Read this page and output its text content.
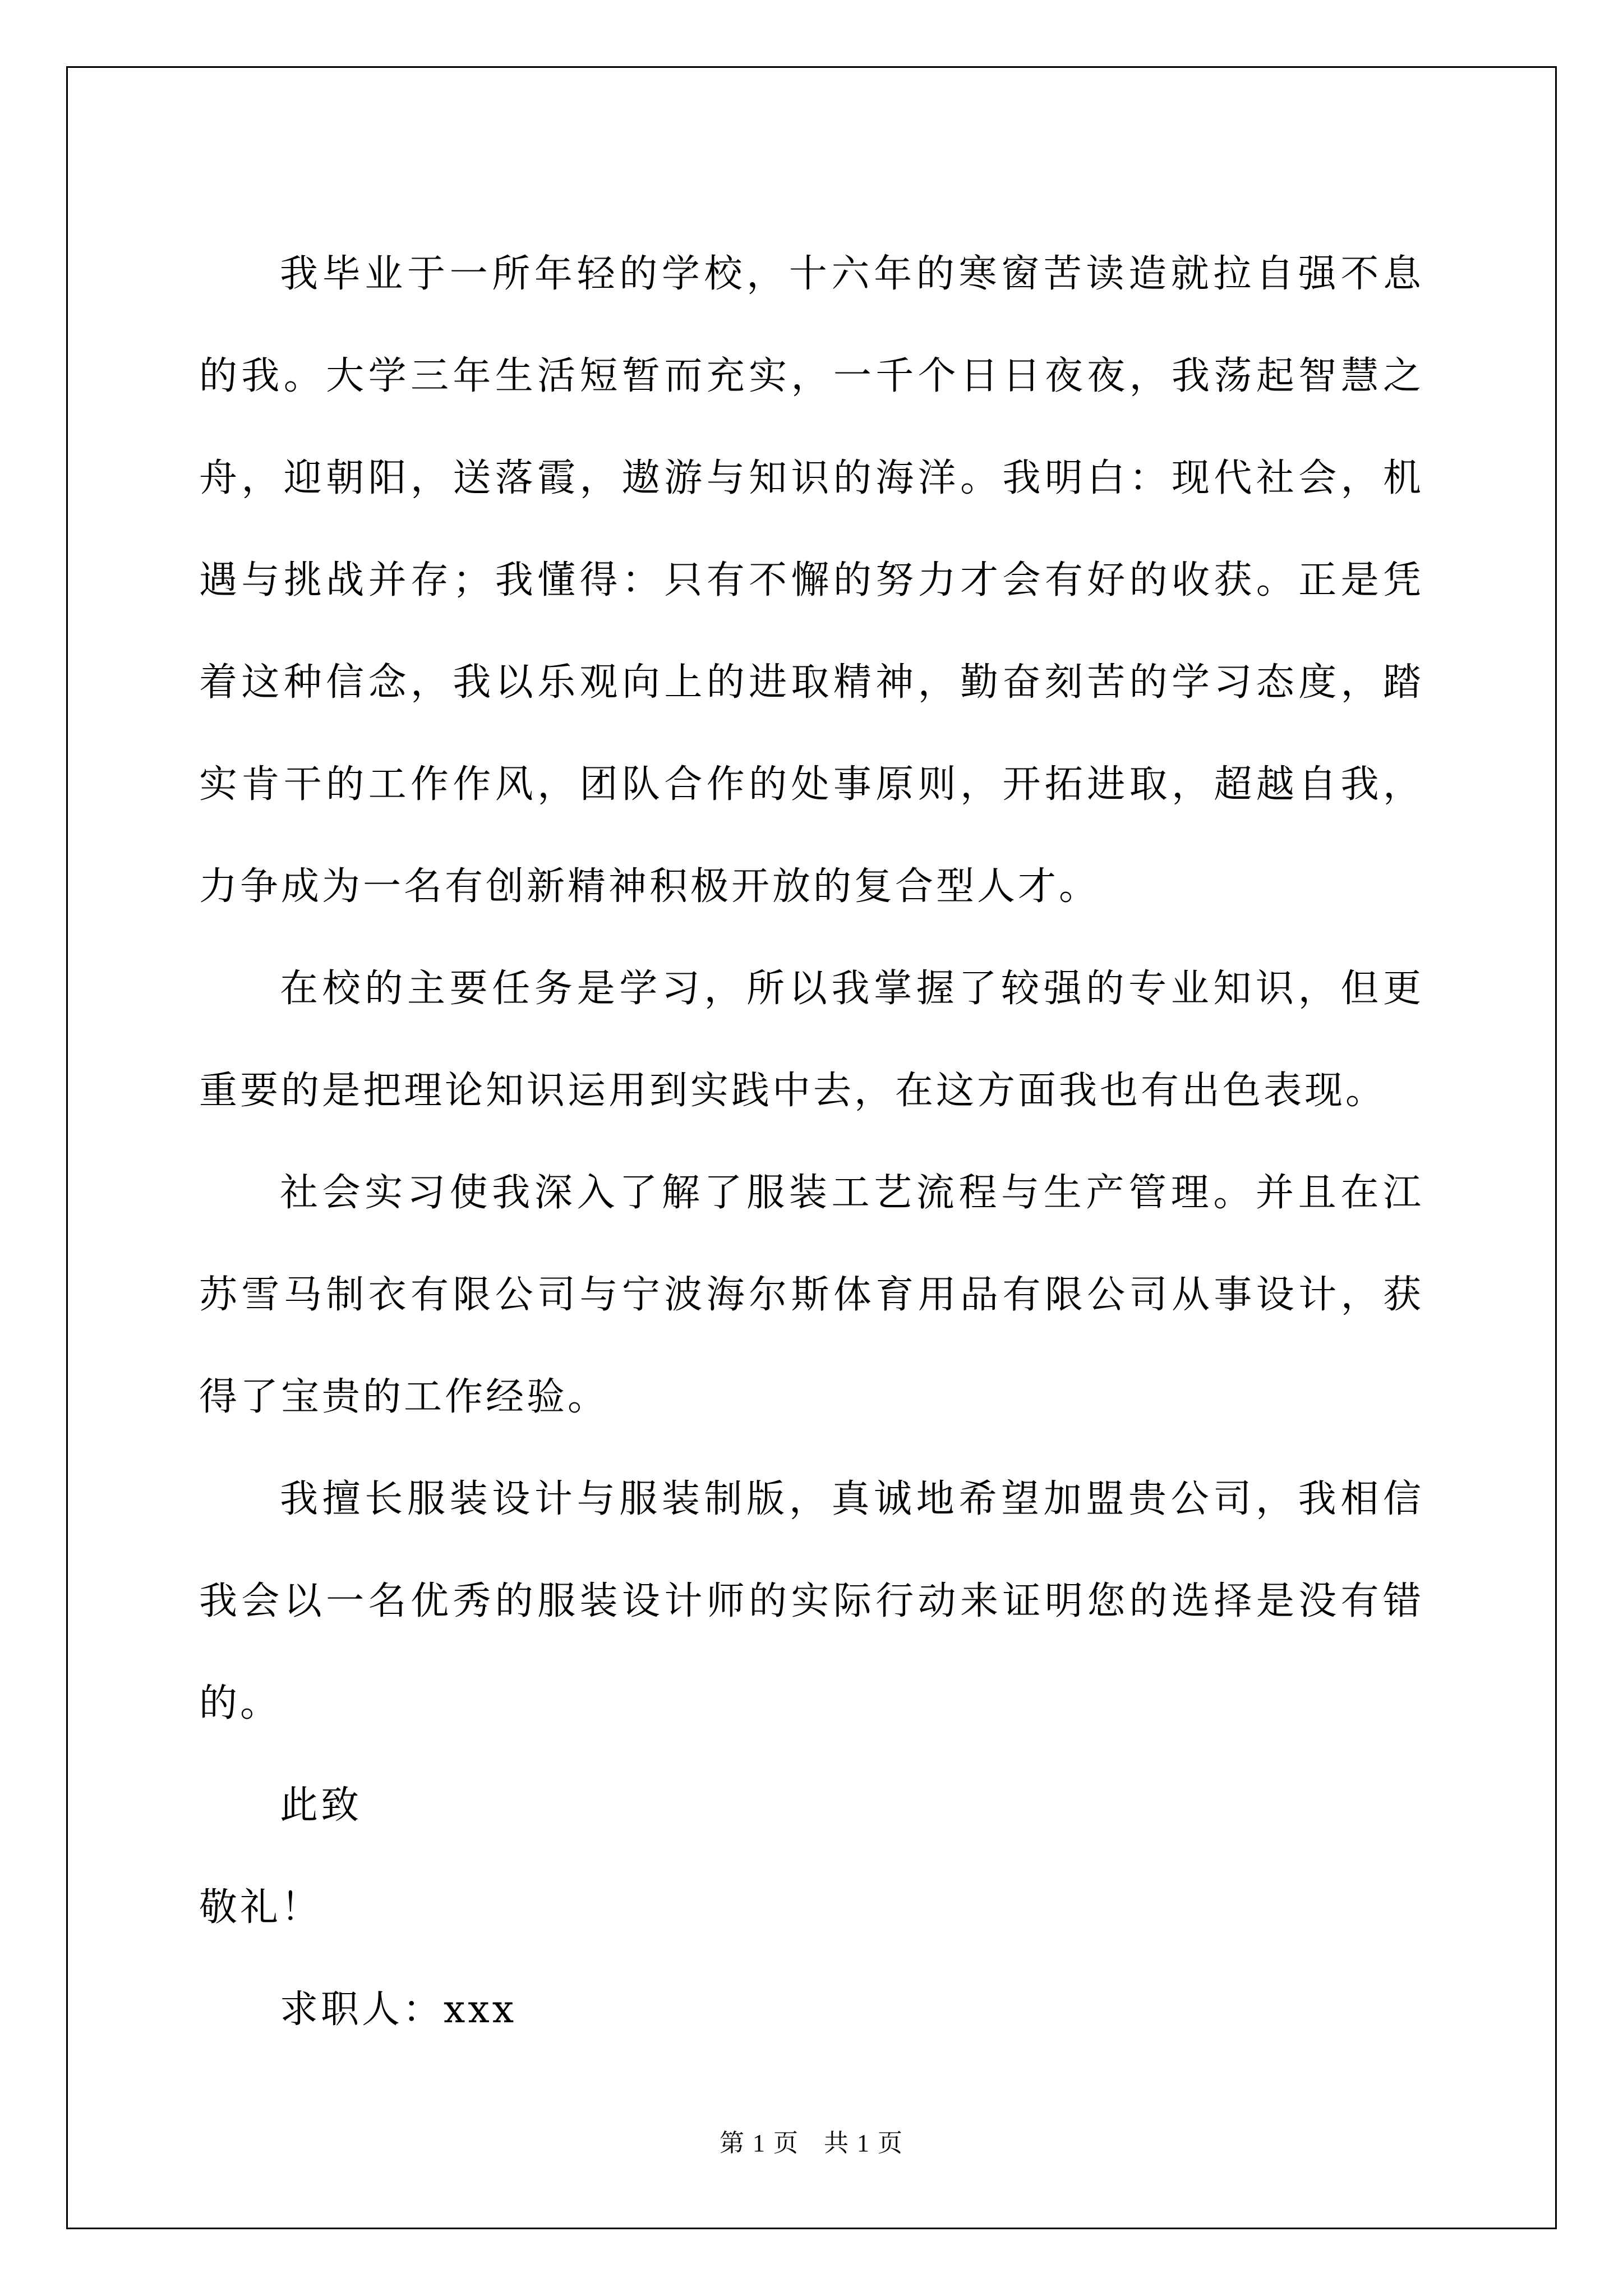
我毕业于一所年轻的学校，十六年的寒窗苦读造就拉自强不息的我。大学三年生活短暂而充实，一千个日日夜夜，我荡起智慧之舟，迎朝阳，送落霞，遨游与知识的海洋。我明白：现代社会，机遇与挑战并存；我懂得：只有不懈的努力才会有好的收获。正是凭着这种信念，我以乐观向上的进取精神，勤奋刻苦的学习态度，踏实肯干的工作作风，团队合作的处事原则，开拓进取，超越自我，力争成为一名有创新精神积极开放的复合型人才。

在校的主要任务是学习，所以我掌握了较强的专业知识，但更重要的是把理论知识运用到实践中去，在这方面我也有出色表现。

社会实习使我深入了解了服装工艺流程与生产管理。并且在江苏雪马制衣有限公司与宁波海尔斯体育用品有限公司从事设计，获得了宝贵的工作经验。

我擅长服装设计与服装制版，真诚地希望加盟贵公司，我相信我会以一名优秀的服装设计师的实际行动来证明您的选择是没有错的。

此致

敬礼！

求职人：xxx

第 1 页 共 1 页
